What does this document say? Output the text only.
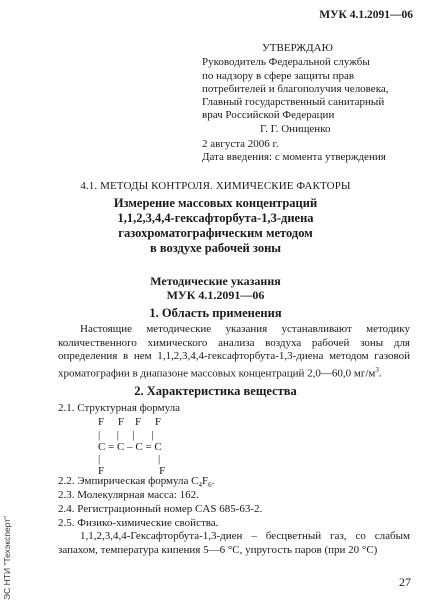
МУК 4.1.2091—06
УТВЕРЖДАЮ
Руководитель Федеральной службы
по надзору в сфере защиты прав
потребителей и благополучия человека,
Главный государственный санитарный
врач Российской Федерации
Г. Г. Онищенко
2 августа 2006 г.
Дата введения: с момента утверждения
4.1. МЕТОДЫ КОНТРОЛЯ. ХИМИЧЕСКИЕ ФАКТОРЫ
Измерение массовых концентраций
1,1,2,3,4,4-гексафторбута-1,3-диена
газохроматографическим методом
в воздухе рабочей зоны
Методические указания
МУК 4.1.2091—06
1. Область применения
Настоящие методические указания устанавливают методику количественного химического анализа воздуха рабочей зоны для определения в нем 1,1,2,3,4,4-гексафторбута-1,3-диена методом газовой хроматографии в диапазоне массовых концентраций 2,0—60,0 $мг/м^3$.
2. Характеристика вещества
2.1. Структурная формула
F     F    F     F
|      |     |      |
C = C – C = C
|                     |
F                    F
2.2. Эмпирическая формула $C_4F_6$.
2.3. Молекулярная масса: 162.
2.4. Регистрационный номер CAS 685-63-2.
2.5. Физико-химические свойства.
1,1,2,3,4,4-Гексафторбута-1,3-диен – бесцветный газ, со слабым запахом, температура кипения 5—6 °С, упругость паров (при 20 °С)
27
ЭС НТИ "Техэксперт"
